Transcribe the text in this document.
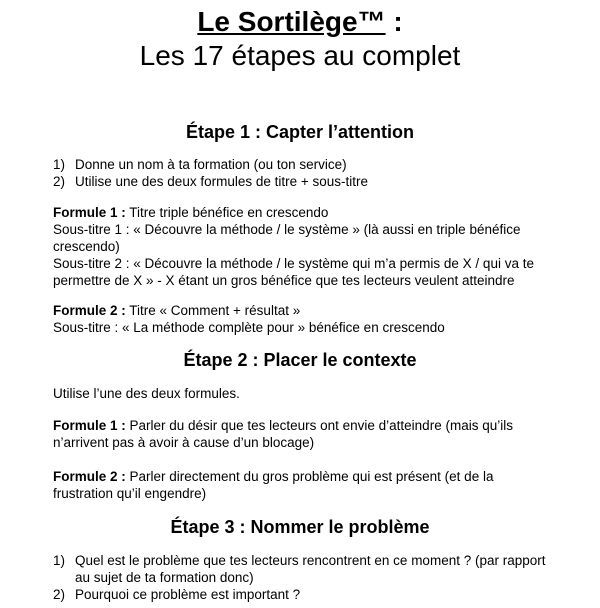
Le Sortilège™ :
Les 17 étapes au complet
Étape 1 : Capter l’attention
1) Donne un nom à ta formation (ou ton service)
2) Utilise une des deux formules de titre + sous-titre
Formule 1 : Titre triple bénéfice en crescendo
Sous-titre 1 : « Découvre la méthode / le système » (là aussi en triple bénéfice
crescendo)
Sous-titre 2 : « Découvre la méthode / le système qui m’a permis de X / qui va te
permettre de X » - X étant un gros bénéfice que tes lecteurs veulent atteindre
Formule 2 : Titre « Comment + résultat »
Sous-titre : « La méthode complète pour » bénéfice en crescendo
Étape 2 : Placer le contexte
Utilise l’une des deux formules.
Formule 1 : Parler du désir que tes lecteurs ont envie d’atteindre (mais qu’ils
n’arrivent pas à avoir à cause d’un blocage)
Formule 2 : Parler directement du gros problème qui est présent (et de la
frustration qu’il engendre)
Étape 3 : Nommer le problème
1) Quel est le problème que tes lecteurs rencontrent en ce moment ? (par rapport
au sujet de ta formation donc)
2) Pourquoi ce problème est important ?
